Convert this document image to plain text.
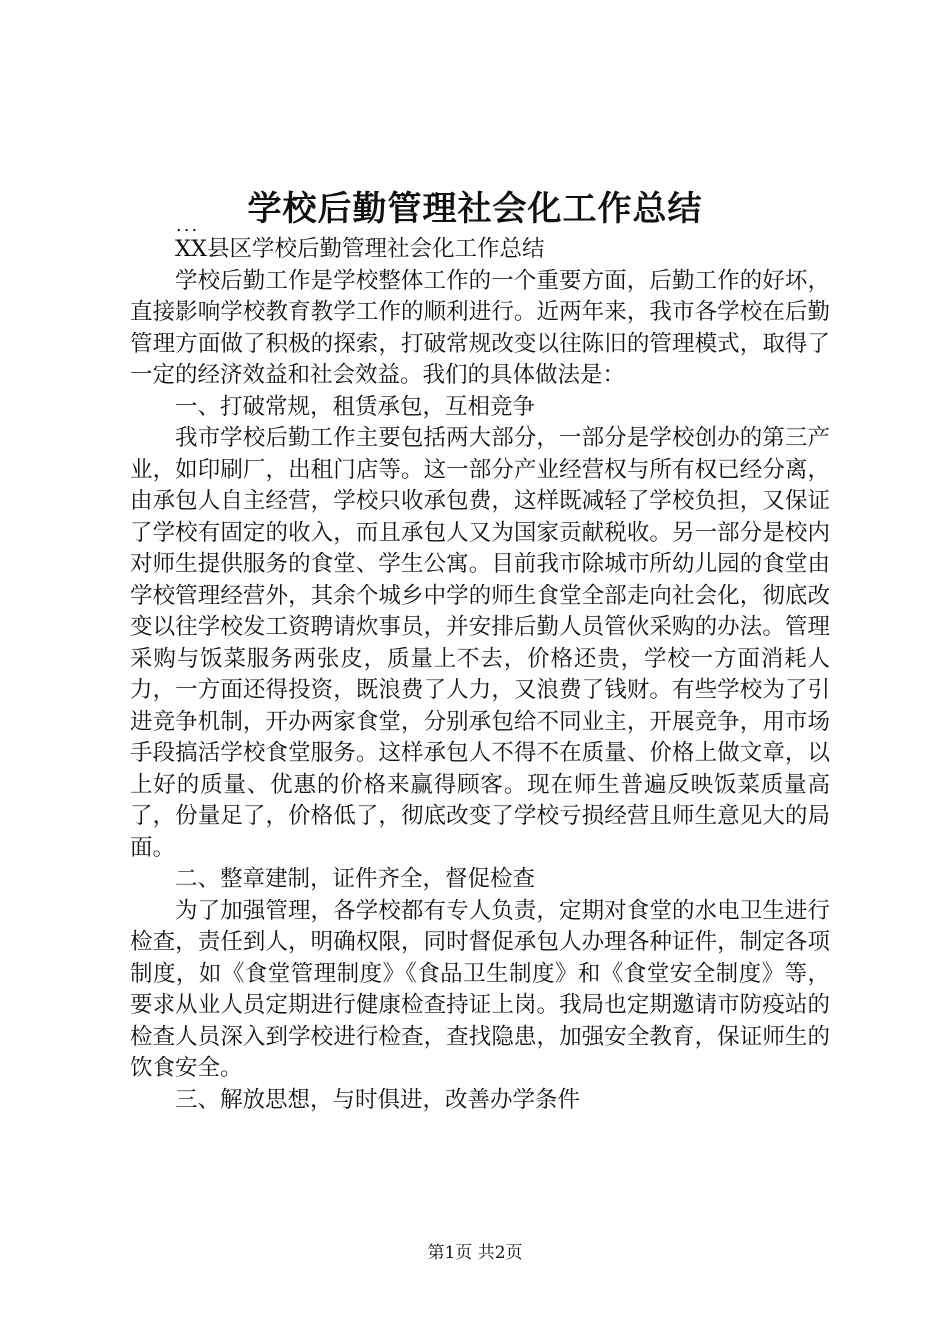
学校后勤管理社会化工作总结
...

XX县区学校后勤管理社会化工作总结

学校后勤工作是学校整体工作的一个重要方面，后勤工作的好坏，直接影响学校教育教学工作的顺利进行。近两年来，我市各学校在后勤管理方面做了积极的探索，打破常规改变以往陈旧的管理模式，取得了一定的经济效益和社会效益。我们的具体做法是：

一、打破常规，租赁承包，互相竞争

我市学校后勤工作主要包括两大部分，一部分是学校创办的第三产业，如印刷厂，出租门店等。这一部分产业经营权与所有权已经分离，由承包人自主经营，学校只收承包费，这样既减轻了学校负担，又保证了学校有固定的收入，而且承包人又为国家贡献税收。另一部分是校内对师生提供服务的食堂、学生公寓。目前我市除城市所幼儿园的食堂由学校管理经营外，其余个城乡中学的师生食堂全部走向社会化，彻底改变以往学校发工资聘请炊事员，并安排后勤人员管伙采购的办法。管理采购与饭菜服务两张皮，质量上不去，价格还贵，学校一方面消耗人力，一方面还得投资，既浪费了人力，又浪费了钱财。有些学校为了引进竞争机制，开办两家食堂，分别承包给不同业主，开展竞争，用市场手段搞活学校食堂服务。这样承包人不得不在质量、价格上做文章，以上好的质量、优惠的价格来赢得顾客。现在师生普遍反映饭菜质量高了，份量足了，价格低了，彻底改变了学校亏损经营且师生意见大的局面。

二、整章建制，证件齐全，督促检查

为了加强管理，各学校都有专人负责，定期对食堂的水电卫生进行检查，责任到人，明确权限，同时督促承包人办理各种证件，制定各项制度，如《食堂管理制度》《食品卫生制度》和《食堂安全制度》等，要求从业人员定期进行健康检查持证上岗。我局也定期邀请市防疫站的检查人员深入到学校进行检查，查找隐患，加强安全教育，保证师生的饮食安全。

三、解放思想，与时俱进，改善办学条件

第1页 共2页
